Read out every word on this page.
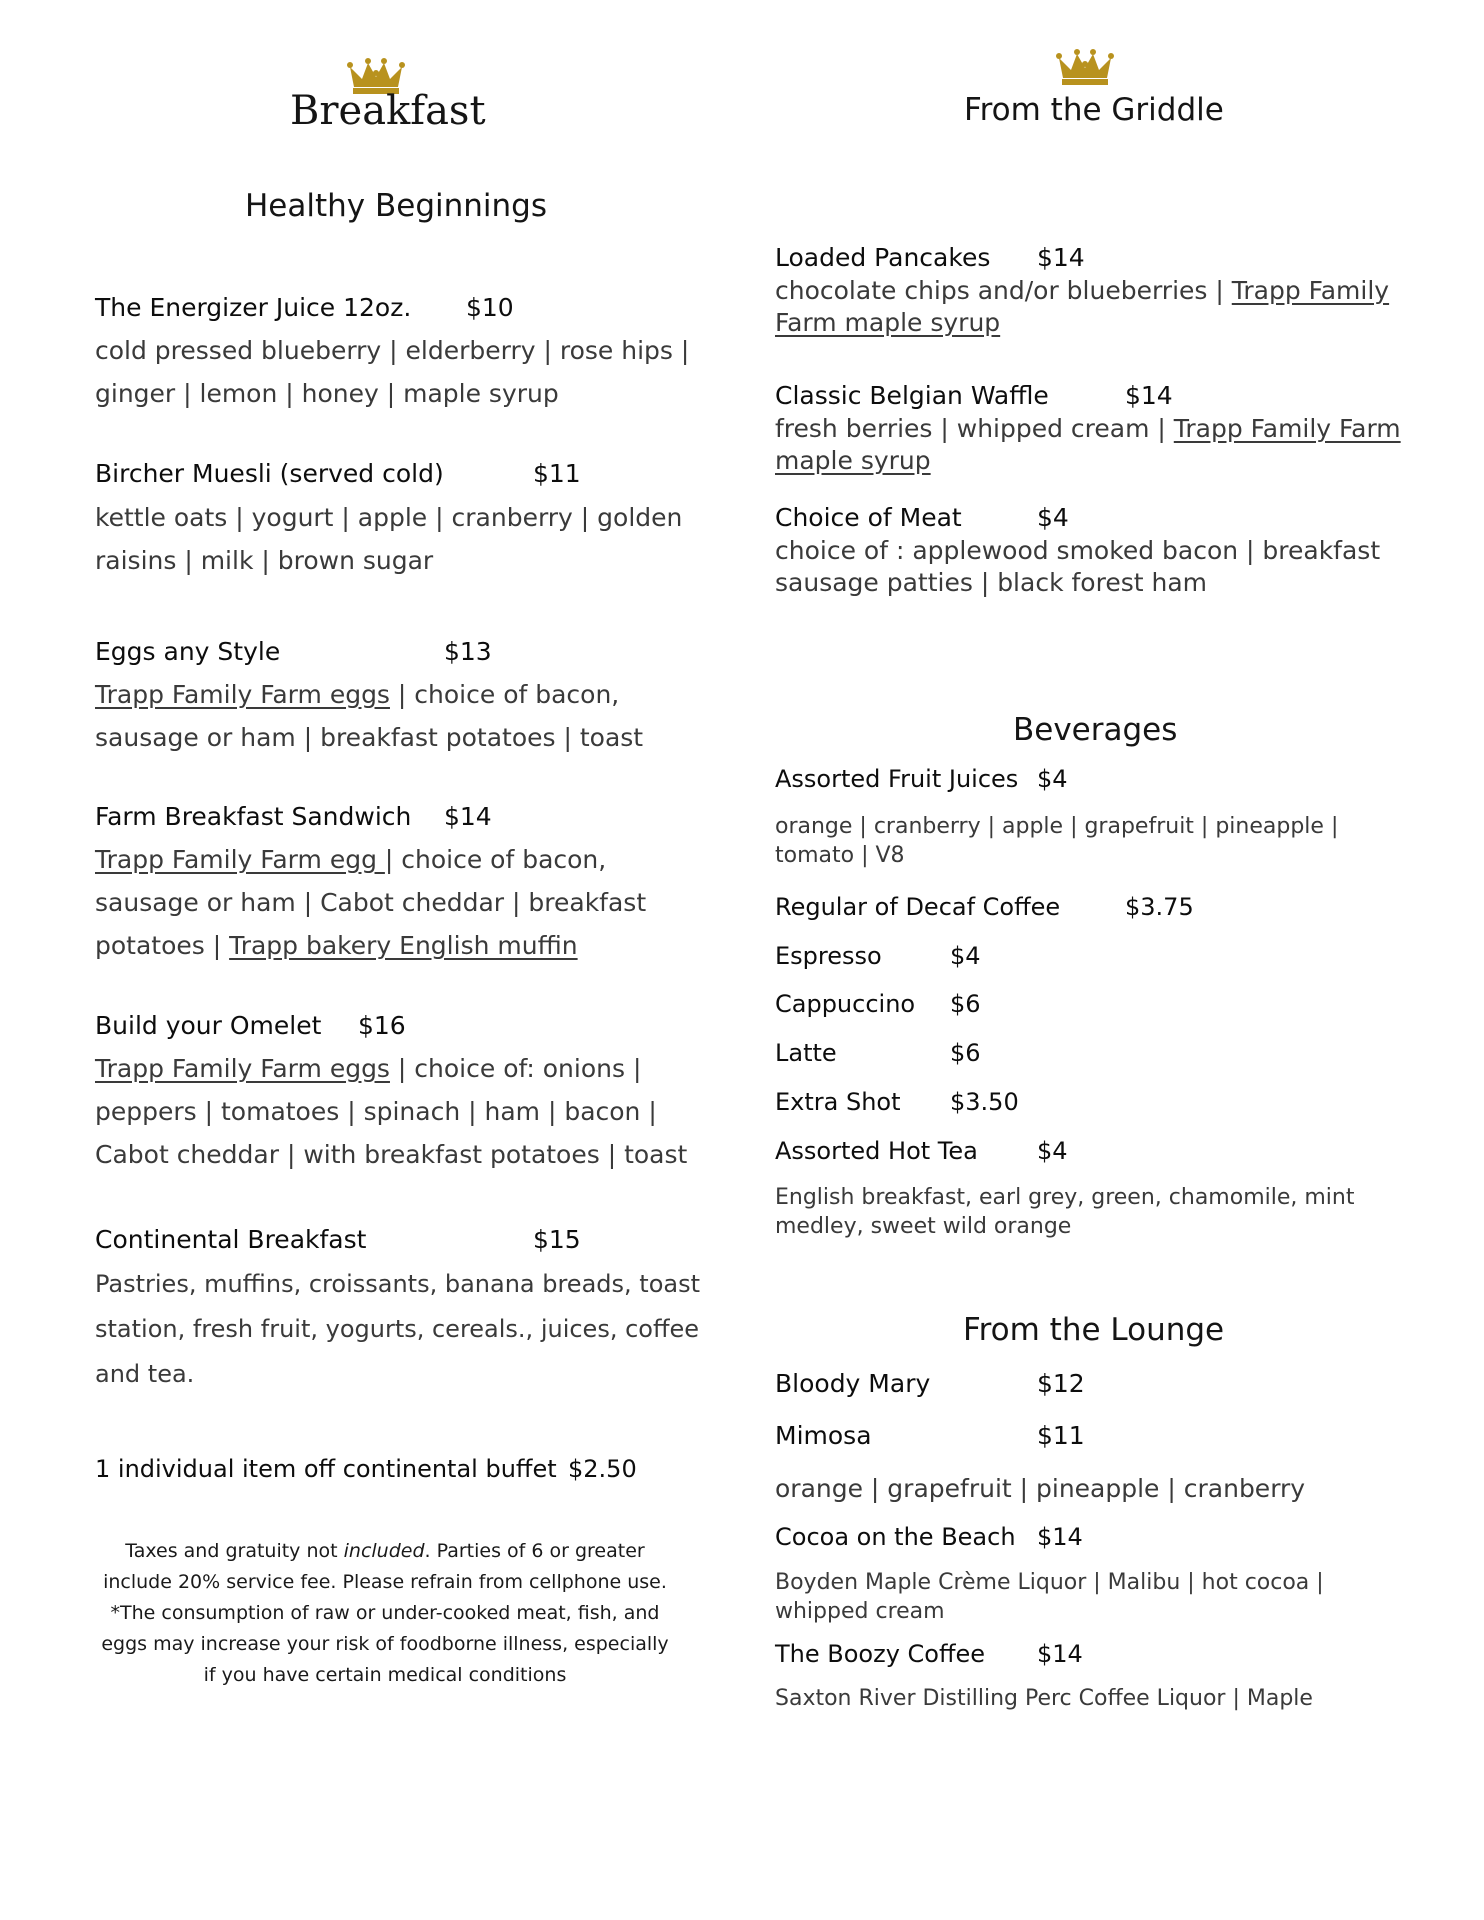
Breakfast
Healthy Beginnings
The Energizer Juice 12oz. $10
cold pressed blueberry | elderberry | rose hips |
ginger | lemon | honey | maple syrup
Bircher Muesli (served cold)	$11
kettle oats | yogurt | apple | cranberry | golden
raisins | milk | brown sugar
Eggs any Style	$13
Trapp Family Farm eggs | choice of bacon,
sausage or ham | breakfast potatoes | toast
Farm Breakfast Sandwich $14
Trapp Family Farm egg | choice of bacon,
sausage or ham | Cabot cheddar | breakfast
potatoes | Trapp bakery English muffin
Build your Omelet $16
Trapp Family Farm eggs | choice of: onions |
peppers | tomatoes | spinach | ham | bacon |
Cabot cheddar | with breakfast potatoes | toast
Continental Breakfast	$15
Pastries, muffins, croissants, banana breads, toast
station, fresh fruit, yogurts, cereals., juices, coffee
and tea.
1 individual item off continental buffet $2.50
Taxes and gratuity not included. Parties of 6 or greater
include 20% service fee. Please refrain from cellphone use.
*The consumption of raw or under-cooked meat, fish, and
eggs may increase your risk of foodborne illness, especially
if you have certain medical conditions
From the Griddle
Loaded Pancakes $14
chocolate chips and/or blueberries | Trapp Family
Farm maple syrup
Classic Belgian Waffle	$14
fresh berries | whipped cream | Trapp Family Farm
maple syrup
Choice of Meat	$4
choice of : applewood smoked bacon | breakfast
sausage patties | black forest ham
Beverages
Assorted Fruit Juices $4
orange | cranberry | apple | grapefruit | pineapple |
tomato | V8
Regular of Decaf Coffee	$3.75
Espresso	$4
Cappuccino $6
Latte	$6
Extra Shot $3.50
Assorted Hot Tea $4
English breakfast, earl grey, green, chamomile, mint
medley, sweet wild orange
From the Lounge
Bloody Mary	$12
Mimosa	$11
orange | grapefruit | pineapple | cranberry
Cocoa on the Beach $14
Boyden Maple Crème Liquor | Malibu | hot cocoa |
whipped cream
The Boozy Coffee $14
Saxton River Distilling Perc Coffee Liquor | Maple
